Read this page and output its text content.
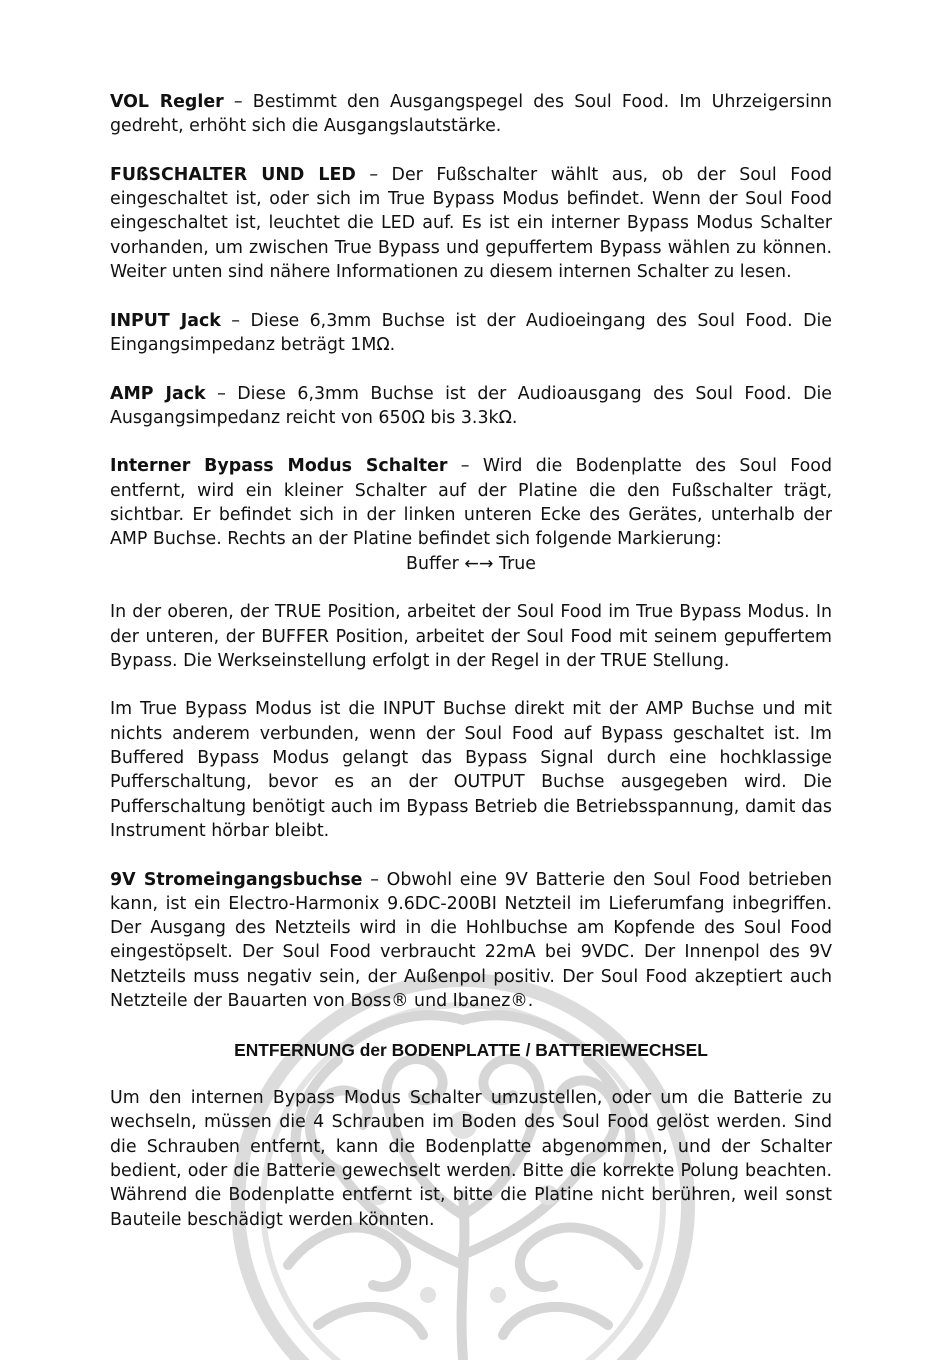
VOL Regler – Bestimmt den Ausgangspegel des Soul Food. Im Uhrzeigersinn gedreht, erhöht sich die Ausgangslautstärke.

FUßSCHALTER UND LED – Der Fußschalter wählt aus, ob der Soul Food eingeschaltet ist, oder sich im True Bypass Modus befindet. Wenn der Soul Food eingeschaltet ist, leuchtet die LED auf. Es ist ein interner Bypass Modus Schalter vorhanden, um zwischen True Bypass und gepuffertem Bypass wählen zu können. Weiter unten sind nähere Informationen zu diesem internen Schalter zu lesen.

INPUT Jack – Diese 6,3mm Buchse ist der Audioeingang des Soul Food. Die Eingangsimpedanz beträgt 1MΩ.

AMP Jack – Diese 6,3mm Buchse ist der Audioausgang des Soul Food. Die Ausgangsimpedanz reicht von 650Ω bis 3.3kΩ.

Interner Bypass Modus Schalter – Wird die Bodenplatte des Soul Food entfernt, wird ein kleiner Schalter auf der Platine die den Fußschalter trägt, sichtbar. Er befindet sich in der linken unteren Ecke des Gerätes, unterhalb der AMP Buchse. Rechts an der Platine befindet sich folgende Markierung:

Buffer ←→ True

In der oberen, der TRUE Position, arbeitet der Soul Food im True Bypass Modus. In der unteren, der BUFFER Position, arbeitet der Soul Food mit seinem gepuffertem Bypass. Die Werkseinstellung erfolgt in der Regel in der TRUE Stellung.

Im True Bypass Modus ist die INPUT Buchse direkt mit der AMP Buchse und mit nichts anderem verbunden, wenn der Soul Food auf Bypass geschaltet ist. Im Buffered Bypass Modus gelangt das Bypass Signal durch eine hochklassige Pufferschaltung, bevor es an der OUTPUT Buchse ausgegeben wird. Die Pufferschaltung benötigt auch im Bypass Betrieb die Betriebsspannung, damit das Instrument hörbar bleibt.

9V Stromeingangsbuchse – Obwohl eine 9V Batterie den Soul Food betrieben kann, ist ein Electro-Harmonix 9.6DC-200BI Netzteil im Lieferumfang inbegriffen. Der Ausgang des Netzteils wird in die Hohlbuchse am Kopfende des Soul Food eingestöpselt. Der Soul Food verbraucht 22mA bei 9VDC. Der Innenpol des 9V Netzteils muss negativ sein, der Außenpol positiv. Der Soul Food akzeptiert auch Netzteile der Bauarten von Boss® und Ibanez®.

ENTFERNUNG der BODENPLATTE / BATTERIEWECHSEL

Um den internen Bypass Modus Schalter umzustellen, oder um die Batterie zu wechseln, müssen die 4 Schrauben im Boden des Soul Food gelöst werden. Sind die Schrauben entfernt, kann die Bodenplatte abgenommen, und der Schalter bedient, oder die Batterie gewechselt werden. Bitte die korrekte Polung beachten. Während die Bodenplatte entfernt ist, bitte die Platine nicht berühren, weil sonst Bauteile beschädigt werden könnten.
